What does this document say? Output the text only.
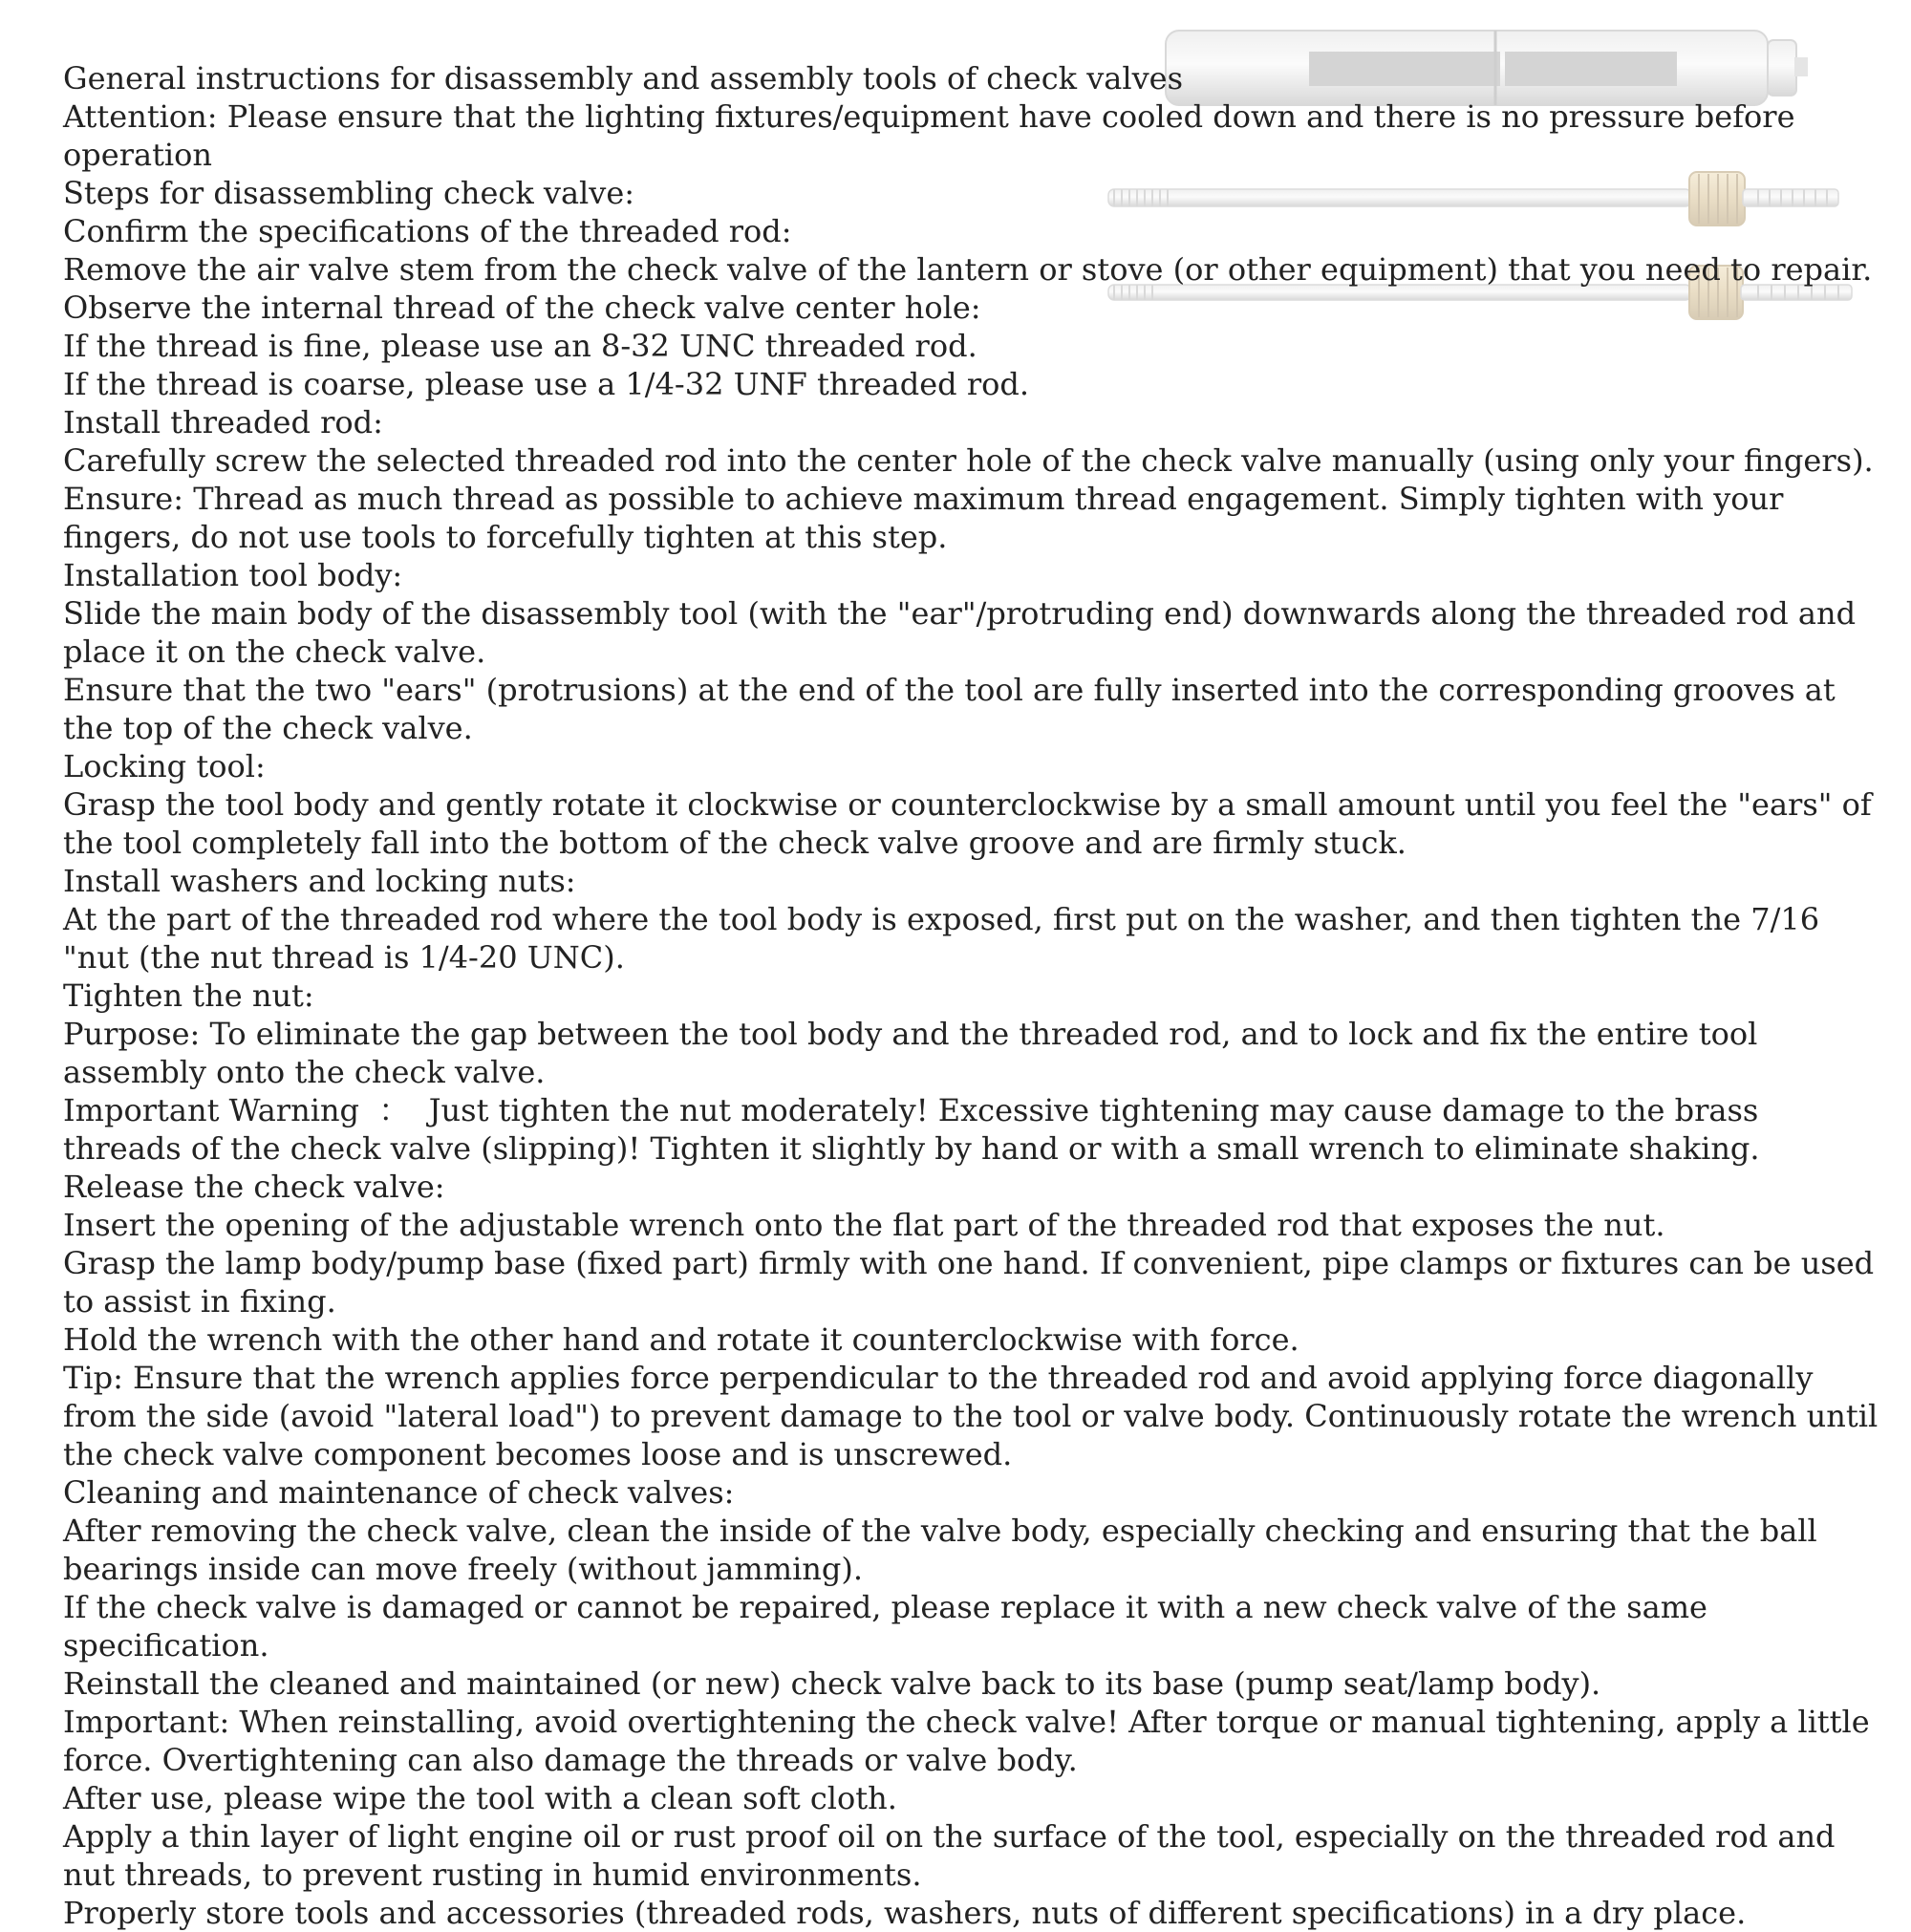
General instructions for disassembly and assembly tools of check valves

Attention: Please ensure that the lighting fixtures/equipment have cooled down and there is no pressure before operation

Steps for disassembling check valve:

Confirm the specifications of the threaded rod:

Remove the air valve stem from the check valve of the lantern or stove (or other equipment) that you need to repair.

Observe the internal thread of the check valve center hole:

If the thread is fine, please use an 8-32 UNC threaded rod.

If the thread is coarse, please use a 1/4-32 UNF threaded rod.

Install threaded rod:

Carefully screw the selected threaded rod into the center hole of the check valve manually (using only your fingers).

Ensure: Thread as much thread as possible to achieve maximum thread engagement. Simply tighten with your fingers, do not use tools to forcefully tighten at this step.

Installation tool body:

Slide the main body of the disassembly tool (with the "ear"/protruding end) downwards along the threaded rod and place it on the check valve.

Ensure that the two "ears" (protrusions) at the end of the tool are fully inserted into the corresponding grooves at the top of the check valve.

Locking tool:

Grasp the tool body and gently rotate it clockwise or counterclockwise by a small amount until you feel the "ears" of the tool completely fall into the bottom of the check valve groove and are firmly stuck.

Install washers and locking nuts:

At the part of the threaded rod where the tool body is exposed, first put on the washer, and then tighten the 7/16 "nut (the nut thread is 1/4-20 UNC).

Tighten the nut:

Purpose: To eliminate the gap between the tool body and the threaded rod, and to lock and fix the entire tool assembly onto the check valve.

Important Warning  ：  Just tighten the nut moderately! Excessive tightening may cause damage to the brass threads of the check valve (slipping)! Tighten it slightly by hand or with a small wrench to eliminate shaking.

Release the check valve:

Insert the opening of the adjustable wrench onto the flat part of the threaded rod that exposes the nut.

Grasp the lamp body/pump base (fixed part) firmly with one hand. If convenient, pipe clamps or fixtures can be used to assist in fixing.

Hold the wrench with the other hand and rotate it counterclockwise with force.

Tip: Ensure that the wrench applies force perpendicular to the threaded rod and avoid applying force diagonally from the side (avoid "lateral load") to prevent damage to the tool or valve body. Continuously rotate the wrench until the check valve component becomes loose and is unscrewed.

Cleaning and maintenance of check valves:

After removing the check valve, clean the inside of the valve body, especially checking and ensuring that the ball bearings inside can move freely (without jamming).

If the check valve is damaged or cannot be repaired, please replace it with a new check valve of the same specification.

Reinstall the cleaned and maintained (or new) check valve back to its base (pump seat/lamp body).

Important: When reinstalling, avoid overtightening the check valve! After torque or manual tightening, apply a little force. Overtightening can also damage the threads or valve body.

After use, please wipe the tool with a clean soft cloth.

Apply a thin layer of light engine oil or rust proof oil on the surface of the tool, especially on the threaded rod and nut threads, to prevent rusting in humid environments.

Properly store tools and accessories (threaded rods, washers, nuts of different specifications) in a dry place.
